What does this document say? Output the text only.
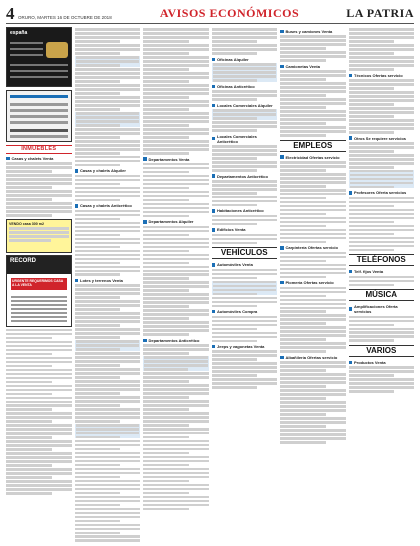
4 ORURO, MARTES 16 DE OCTUBRE DE 2018	AVISOS ECONÓMICOS	LA PATRIA
españa
INMUEBLES
Casas y chalets Venta
VENDO casa 300 m2
RECORD
URGENTE REQUERIMOS CASA A LA VENTA
Casas y chalets Alquiler
Casas y chalets Anticrético
Lotes y terrenos Venta
Departamentos Venta
Departamentos Alquiler
Departamentos Anticrético
Oficinas Alquiler
Oficinas Anticrético
Locales Comerciales Alquiler
Locales Comerciales Anticrético
Departamentos Anticrético
Habitaciones Anticrético
Edificios Venta
VEHÍCULOS
Automóviles Venta
Automóviles Compra
Jeeps y vagonetas Venta
Buses y camiones Venta
Camionetas Venta
EMPLEOS
Electricidad Ofertas servicio
Carpintería Ofertas servicio
Plomería Ofertas servicio
Albañilería Ofertas servicio
Técnicos Ofertas servicio
Otros Se requiere servicios
Profesores Oferta servicios
TELÉFONOS
Telf. fijos Venta
MÚSICA
Amplificaciones Oferta servicios
VARIOS
Productos Venta
